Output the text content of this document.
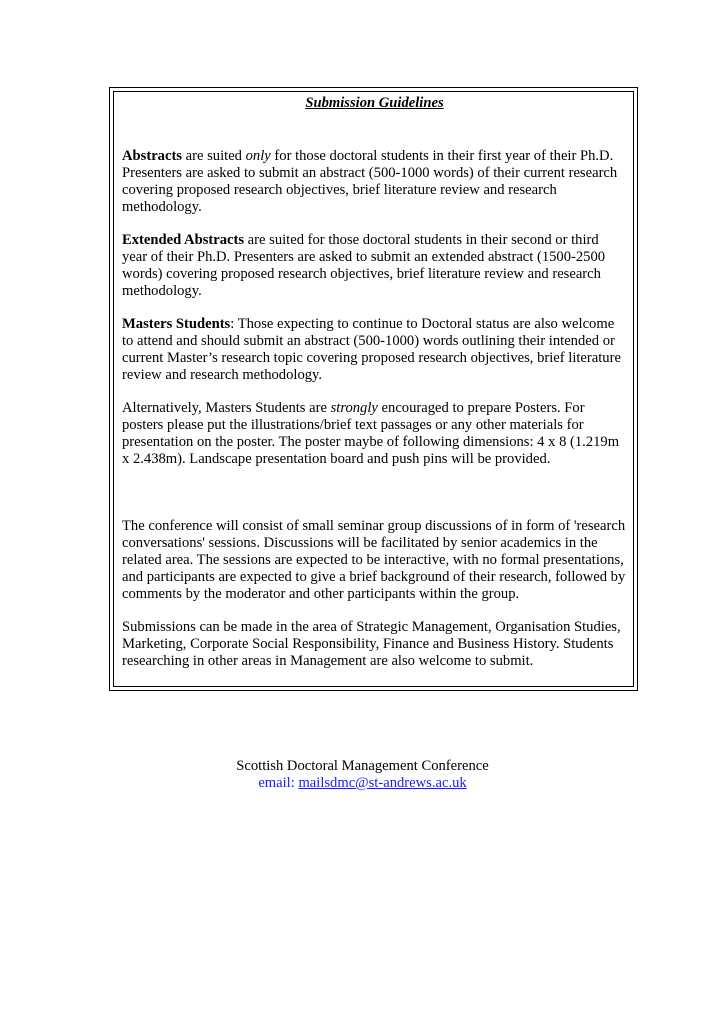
Submission Guidelines

Abstracts are suited only for those doctoral students in their first year of their Ph.D. Presenters are asked to submit an abstract (500-1000 words) of their current research covering proposed research objectives, brief literature review and research methodology.

Extended Abstracts are suited for those doctoral students in their second or third year of their Ph.D. Presenters are asked to submit an extended abstract (1500-2500 words) covering proposed research objectives, brief literature review and research methodology.

Masters Students: Those expecting to continue to Doctoral status are also welcome to attend and should submit an abstract (500-1000) words outlining their intended or current Master’s research topic covering proposed research objectives, brief literature review and research methodology.

Alternatively, Masters Students are strongly encouraged to prepare Posters. For posters please put the illustrations/brief text passages or any other materials for presentation on the poster. The poster maybe of following dimensions: 4 x 8 (1.219m x 2.438m). Landscape presentation board and push pins will be provided.

The conference will consist of small seminar group discussions of in form of 'research conversations' sessions. Discussions will be facilitated by senior academics in the related area. The sessions are expected to be interactive, with no formal presentations, and participants are expected to give a brief background of their research, followed by comments by the moderator and other participants within the group.

Submissions can be made in the area of Strategic Management, Organisation Studies, Marketing, Corporate Social Responsibility, Finance and Business History. Students researching in other areas in Management are also welcome to submit.

Scottish Doctoral Management Conference

email: mailsdmc@st-andrews.ac.uk
